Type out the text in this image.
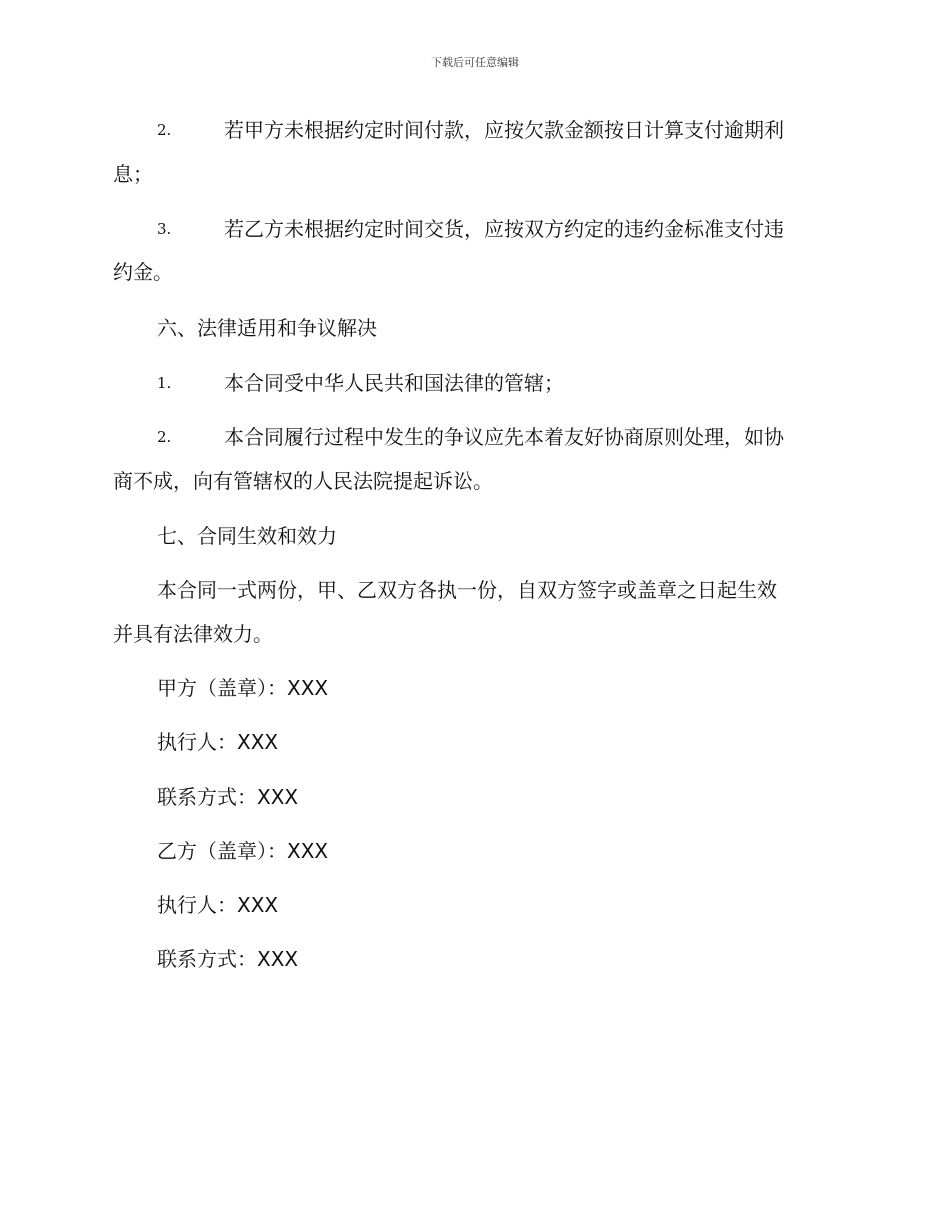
下载后可任意编辑
2.	若甲方未根据约定时间付款，应按欠款金额按日计算支付逾期利
息；
3.	若乙方未根据约定时间交货，应按双方约定的违约金标准支付违
约金。
六、法律适用和争议解决
1.	本合同受中华人民共和国法律的管辖；
2.	本合同履行过程中发生的争议应先本着友好协商原则处理，如协
商不成，向有管辖权的人民法院提起诉讼。
七、合同生效和效力
本合同一式两份，甲、乙双方各执一份，自双方签字或盖章之日起生效
并具有法律效力。
甲方（盖章）：XXX
执行人：XXX
联系方式：XXX
乙方（盖章）：XXX
执行人：XXX
联系方式：XXX
